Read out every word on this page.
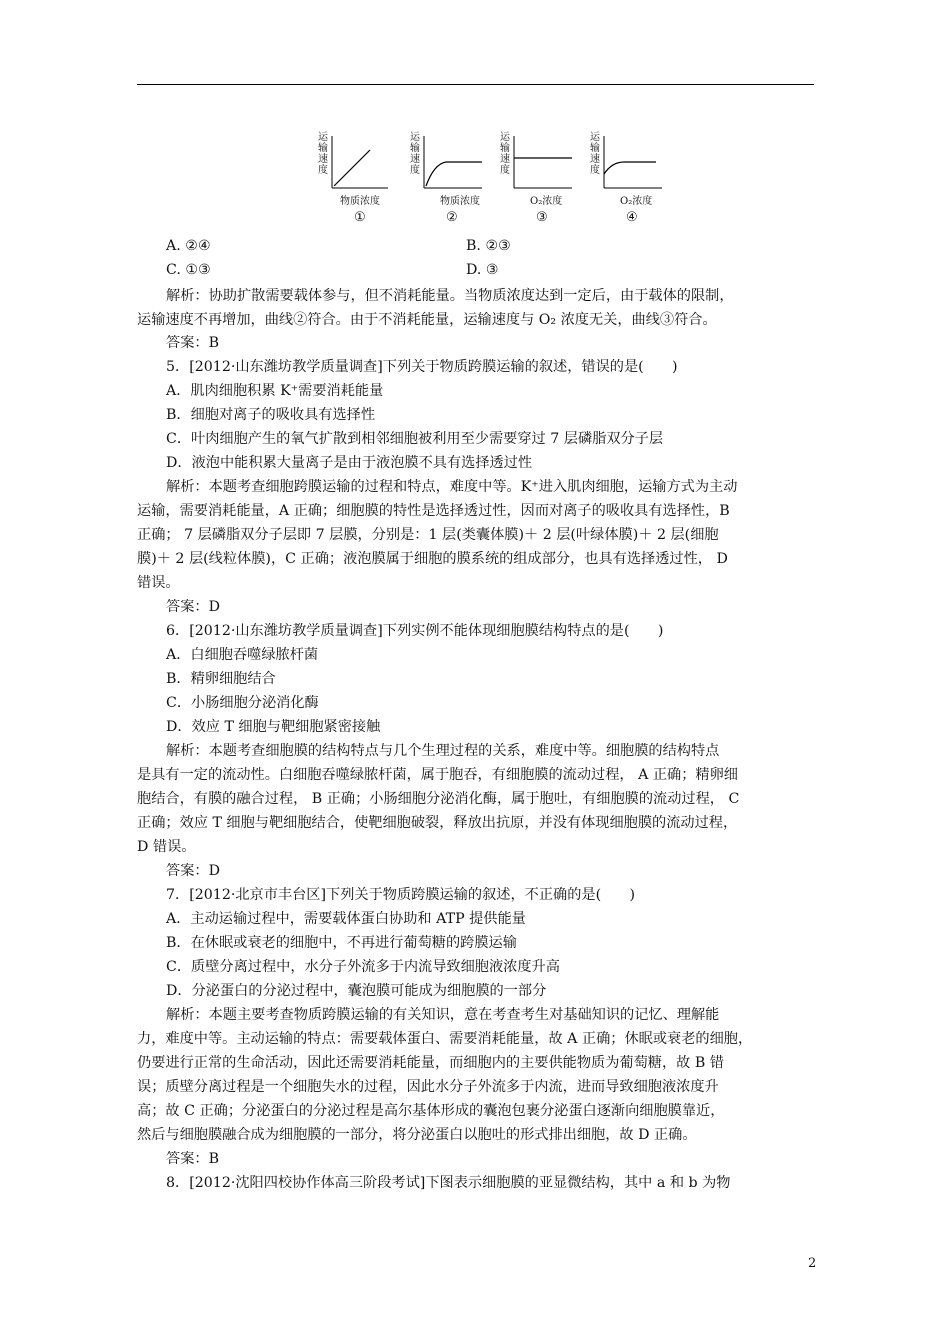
运输速度
物质浓度
①
运输速度
物质浓度
②
运输速度
O₂浓度
③
运输速度
O₂浓度
④
A. ②④	B. ②③
C. ①③	D. ③
解析：协助扩散需要载体参与，但不消耗能量。当物质浓度达到一定后，由于载体的限制，
运输速度不再增加，曲线②符合。由于不消耗能量，运输速度与 O₂ 浓度无关，曲线③符合。
答案：B
5．[2012·山东潍坊教学质量调查]下列关于物质跨膜运输的叙述，错误的是(　　)
A．肌肉细胞积累 K⁺需要消耗能量
B．细胞对离子的吸收具有选择性
C．叶肉细胞产生的氧气扩散到相邻细胞被利用至少需要穿过 7 层磷脂双分子层
D．液泡中能积累大量离子是由于液泡膜不具有选择透过性
解析：本题考查细胞跨膜运输的过程和特点，难度中等。K⁺进入肌肉细胞，运输方式为主动
运输，需要消耗能量，A 正确；细胞膜的特性是选择透过性，因而对离子的吸收具有选择性，B
正确； 7 层磷脂双分子层即 7 层膜，分别是：1 层(类囊体膜)＋ 2 层(叶绿体膜)＋ 2 层(细胞
膜)＋ 2 层(线粒体膜)，C 正确；液泡膜属于细胞的膜系统的组成部分，也具有选择透过性， D
错误。
答案：D
6．[2012·山东潍坊教学质量调查]下列实例不能体现细胞膜结构特点的是(　　)
A．白细胞吞噬绿脓杆菌
B．精卵细胞结合
C．小肠细胞分泌消化酶
D．效应 T 细胞与靶细胞紧密接触
解析：本题考查细胞膜的结构特点与几个生理过程的关系，难度中等。细胞膜的结构特点
是具有一定的流动性。白细胞吞噬绿脓杆菌，属于胞吞，有细胞膜的流动过程， A 正确；精卵细
胞结合，有膜的融合过程， B 正确；小肠细胞分泌消化酶，属于胞吐，有细胞膜的流动过程， C
正确；效应 T 细胞与靶细胞结合，使靶细胞破裂，释放出抗原，并没有体现细胞膜的流动过程，
D 错误。
答案：D
7．[2012·北京市丰台区]下列关于物质跨膜运输的叙述，不正确的是(　　)
A．主动运输过程中，需要载体蛋白协助和 ATP 提供能量
B．在休眠或衰老的细胞中，不再进行葡萄糖的跨膜运输
C．质壁分离过程中，水分子外流多于内流导致细胞液浓度升高
D．分泌蛋白的分泌过程中，囊泡膜可能成为细胞膜的一部分
解析：本题主要考查物质跨膜运输的有关知识，意在考查考生对基础知识的记忆、理解能
力，难度中等。主动运输的特点：需要载体蛋白、需要消耗能量，故 A 正确；休眠或衰老的细胞，
仍要进行正常的生命活动，因此还需要消耗能量，而细胞内的主要供能物质为葡萄糖，故 B 错
误；质壁分离过程是一个细胞失水的过程，因此水分子外流多于内流，进而导致细胞液浓度升
高；故 C 正确；分泌蛋白的分泌过程是高尔基体形成的囊泡包裹分泌蛋白逐渐向细胞膜靠近，
然后与细胞膜融合成为细胞膜的一部分，将分泌蛋白以胞吐的形式排出细胞，故 D 正确。
答案：B
8．[2012·沈阳四校协作体高三阶段考试]下图表示细胞膜的亚显微结构，其中 a 和 b 为物
2
